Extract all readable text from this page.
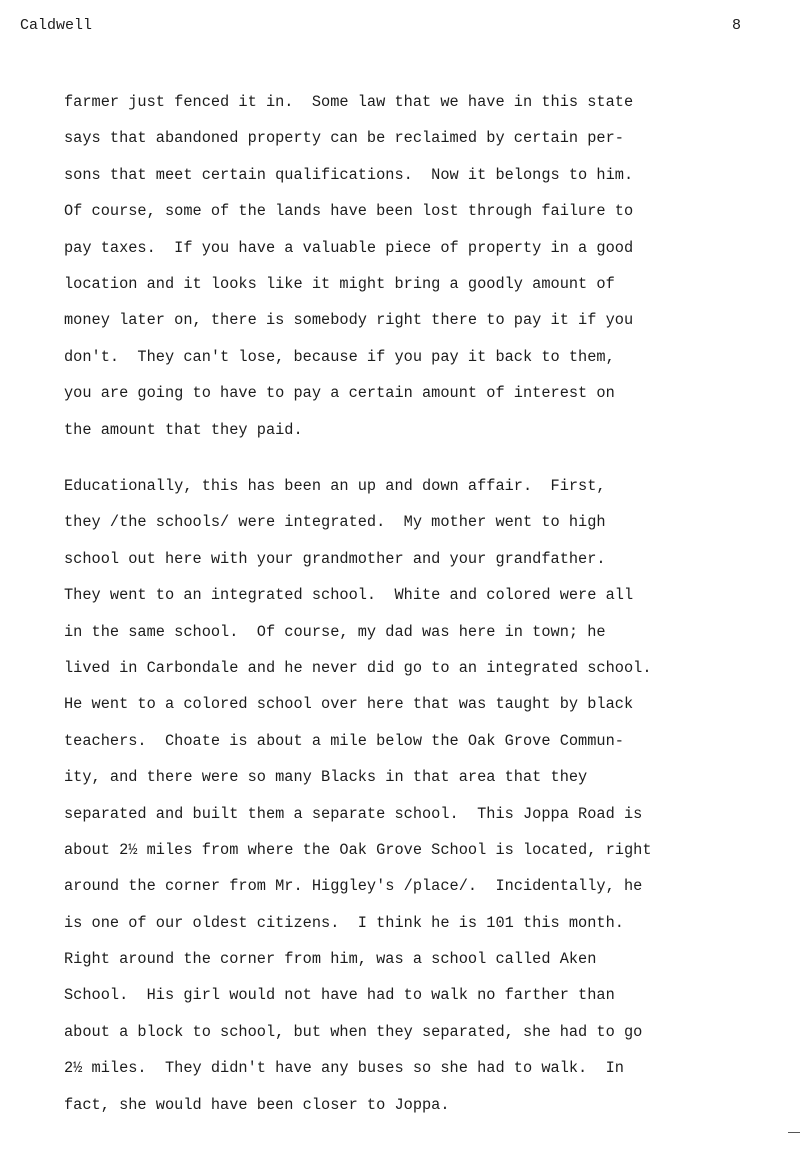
Caldwell	8
farmer just fenced it in.  Some law that we have in this state
says that abandoned property can be reclaimed by certain per-
sons that meet certain qualifications.  Now it belongs to him.
Of course, some of the lands have been lost through failure to
pay taxes.  If you have a valuable piece of property in a good
location and it looks like it might bring a goodly amount of
money later on, there is somebody right there to pay it if you
don't.  They can't lose, because if you pay it back to them,
you are going to have to pay a certain amount of interest on
the amount that they paid.
Educationally, this has been an up and down affair.  First,
they /the schools/ were integrated.  My mother went to high
school out here with your grandmother and your grandfather.
They went to an integrated school.  White and colored were all
in the same school.  Of course, my dad was here in town; he
lived in Carbondale and he never did go to an integrated school.
He went to a colored school over here that was taught by black
teachers.  Choate is about a mile below the Oak Grove Commun-
ity, and there were so many Blacks in that area that they
separated and built them a separate school.  This Joppa Road is
about 2½ miles from where the Oak Grove School is located, right
around the corner from Mr. Higgley's /place/.  Incidentally, he
is one of our oldest citizens.  I think he is 101 this month.
Right around the corner from him, was a school called Aken
School.  His girl would not have had to walk no farther than
about a block to school, but when they separated, she had to go
2½ miles.  They didn't have any buses so she had to walk.  In
fact, she would have been closer to Joppa.
